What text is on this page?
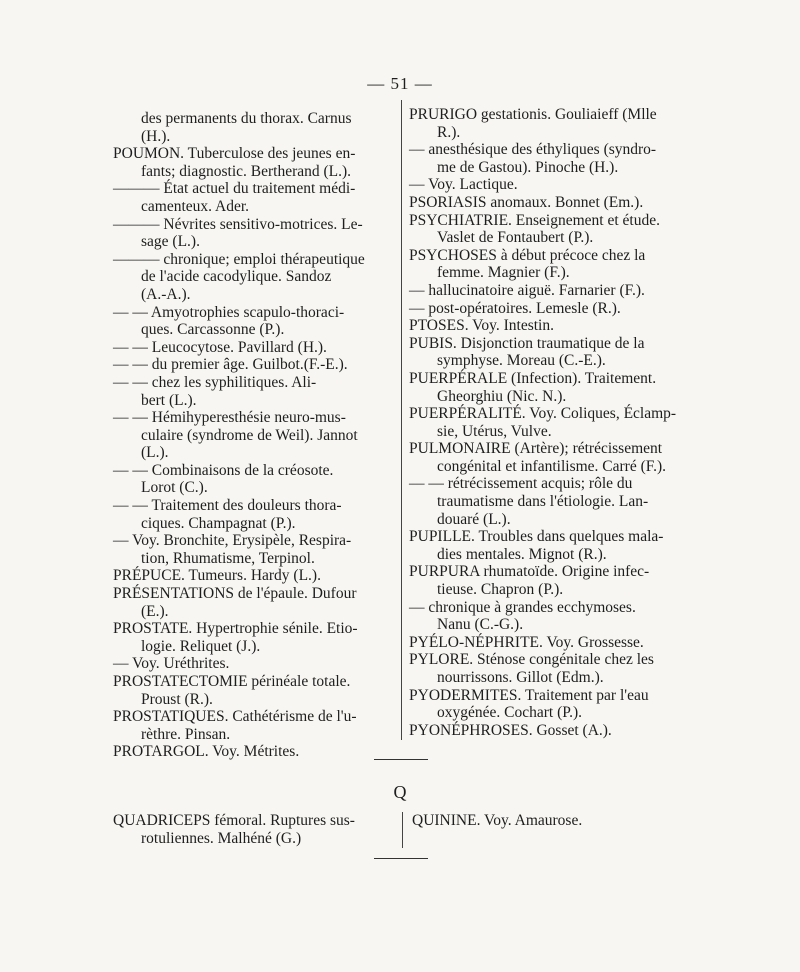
— 51 —
des permanents du thorax. Carnus
(H.).
POUMON. Tuberculose des jeunes en-
fants; diagnostic. Bertherand (L.).
——— État actuel du traitement médi-
camenteux. Ader.
——— Névrites sensitivo-motrices. Le-
sage (L.).
——— chronique; emploi thérapeutique
de l'acide cacodylique. Sandoz
(A.-A.).
— — Amyotrophies scapulo-thoraci-
ques. Carcassonne (P.).
— — Leucocytose. Pavillard (H.).
— — du premier âge. Guilbot.(F.-E.).
— — chez les syphilitiques. Ali-
bert (L.).
— — Hémihyperesthésie neuro-mus-
culaire (syndrome de Weil). Jannot
(L.).
— — Combinaisons de la créosote.
Lorot (C.).
— — Traitement des douleurs thora-
ciques. Champagnat (P.).
— Voy. Bronchite, Erysipèle, Respira-
tion, Rhumatisme, Terpinol.
PRÉPUCE. Tumeurs. Hardy (L.).
PRÉSENTATIONS de l'épaule. Dufour
(E.).
PROSTATE. Hypertrophie sénile. Etio-
logie. Reliquet (J.).
— Voy. Uréthrites.
PROSTATECTOMIE périnéale totale.
Proust (R.).
PROSTATIQUES. Cathétérisme de l'u-
rèthre. Pinsan.
PROTARGOL. Voy. Métrites.
PRURIGO gestationis. Gouliaieff (Mlle
R.).
— anesthésique des éthyliques (syndro-
me de Gastou). Pinoche (H.).
— Voy. Lactique.
PSORIASIS anomaux. Bonnet (Em.).
PSYCHIATRIE. Enseignement et étude.
Vaslet de Fontaubert (P.).
PSYCHOSES à début précoce chez la
femme. Magnier (F.).
— hallucinatoire aiguë. Farnarier (F.).
— post-opératoires. Lemesle (R.).
PTOSES. Voy. Intestin.
PUBIS. Disjonction traumatique de la
symphyse. Moreau (C.-E.).
PUERPÉRALE (Infection). Traitement.
Gheorghiu (Nic. N.).
PUERPÉRALITÉ. Voy. Coliques, Éclamp-
sie, Utérus, Vulve.
PULMONAIRE (Artère); rétrécissement
congénital et infantilisme. Carré (F.).
— — rétrécissement acquis; rôle du
traumatisme dans l'étiologie. Lan-
douaré (L.).
PUPILLE. Troubles dans quelques mala-
dies mentales. Mignot (R.).
PURPURA rhumatoïde. Origine infec-
tieuse. Chapron (P.).
— chronique à grandes ecchymoses.
Nanu (C.-G.).
PYÉLO-NÉPHRITE. Voy. Grossesse.
PYLORE. Sténose congénitale chez les
nourrissons. Gillot (Edm.).
PYODERMITES. Traitement par l'eau
oxygénée. Cochart (P.).
PYONÉPHROSES. Gosset (A.).
Q
QUADRICEPS fémoral. Ruptures sus-
rotuliennes. Malhéné (G.)
QUININE. Voy. Amaurose.
